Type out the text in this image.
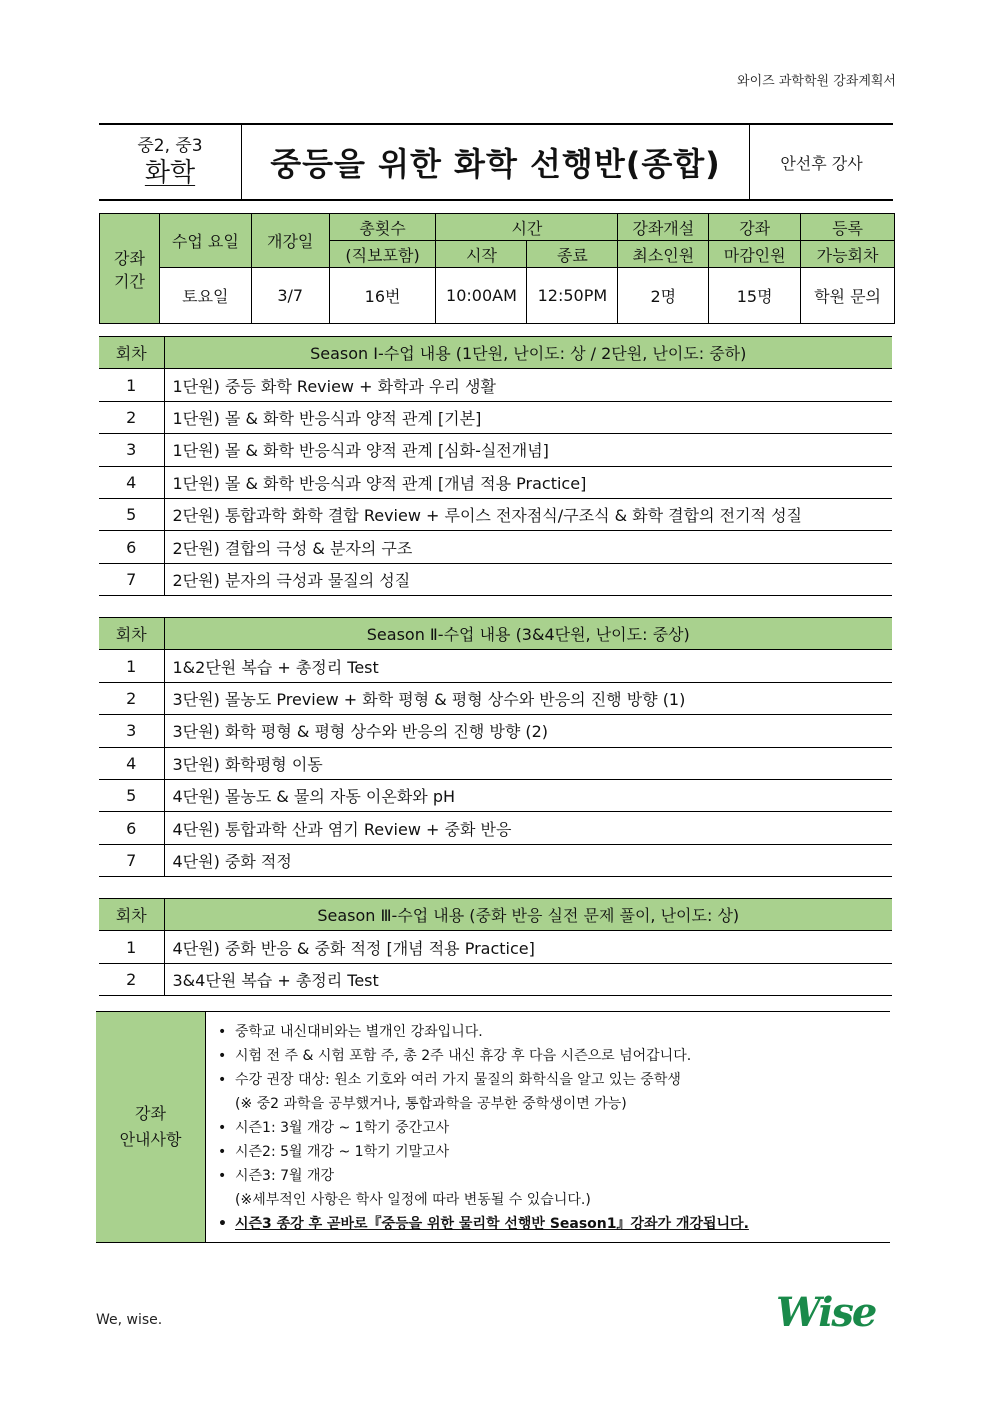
와이즈 과학학원 강좌계획서
중2, 중3
화학	중등을 위한 화학 선행반(종합)	안선후 강사
강좌
기간	수업 요일	개강일	총횟수	시간		강좌개설	강좌	등록
			(직보포함)	시작	종료	최소인원	마감인원	가능회차
	토요일	3/7	16번	10:00AM	12:50PM	2명	15명	학원 문의
회차	Season Ⅰ-수업 내용 (1단원, 난이도: 상 / 2단원, 난이도: 중하)
1	1단원) 중등 화학 Review + 화학과 우리 생활
2	1단원) 몰 & 화학 반응식과 양적 관계 [기본]
3	1단원) 몰 & 화학 반응식과 양적 관계 [심화-실전개념]
4	1단원) 몰 & 화학 반응식과 양적 관계 [개념 적용 Practice]
5	2단원) 통합과학 화학 결합 Review + 루이스 전자점식/구조식 & 화학 결합의 전기적 성질
6	2단원) 결합의 극성 & 분자의 구조
7	2단원) 분자의 극성과 물질의 성질
회차	Season Ⅱ-수업 내용 (3&4단원, 난이도: 중상)
1	1&2단원 복습 + 총정리 Test
2	3단원) 몰농도 Preview + 화학 평형 & 평형 상수와 반응의 진행 방향 (1)
3	3단원) 화학 평형 & 평형 상수와 반응의 진행 방향 (2)
4	3단원) 화학평형 이동
5	4단원) 몰농도 & 물의 자동 이온화와 pH
6	4단원) 통합과학 산과 염기 Review + 중화 반응
7	4단원) 중화 적정
회차	Season Ⅲ-수업 내용 (중화 반응 실전 문제 풀이, 난이도: 상)
1	4단원) 중화 반응 & 중화 적정 [개념 적용 Practice]
2	3&4단원 복습 + 총정리 Test
강좌
안내사항
• 중학교 내신대비와는 별개인 강좌입니다.
• 시험 전 주 & 시험 포함 주, 총 2주 내신 휴강 후 다음 시즌으로 넘어갑니다.
• 수강 권장 대상: 원소 기호와 여러 가지 물질의 화학식을 알고 있는 중학생
(※ 중2 과학을 공부했거나, 통합과학을 공부한 중학생이면 가능)
• 시즌1: 3월 개강 ~ 1학기 중간고사
• 시즌2: 5월 개강 ~ 1학기 기말고사
• 시즌3: 7월 개강
(※세부적인 사항은 학사 일정에 따라 변동될 수 있습니다.)
• 시즌3 종강 후 곧바로『중등을 위한 물리학 선행반 Season1』강좌가 개강됩니다.
We, wise.	Wise
